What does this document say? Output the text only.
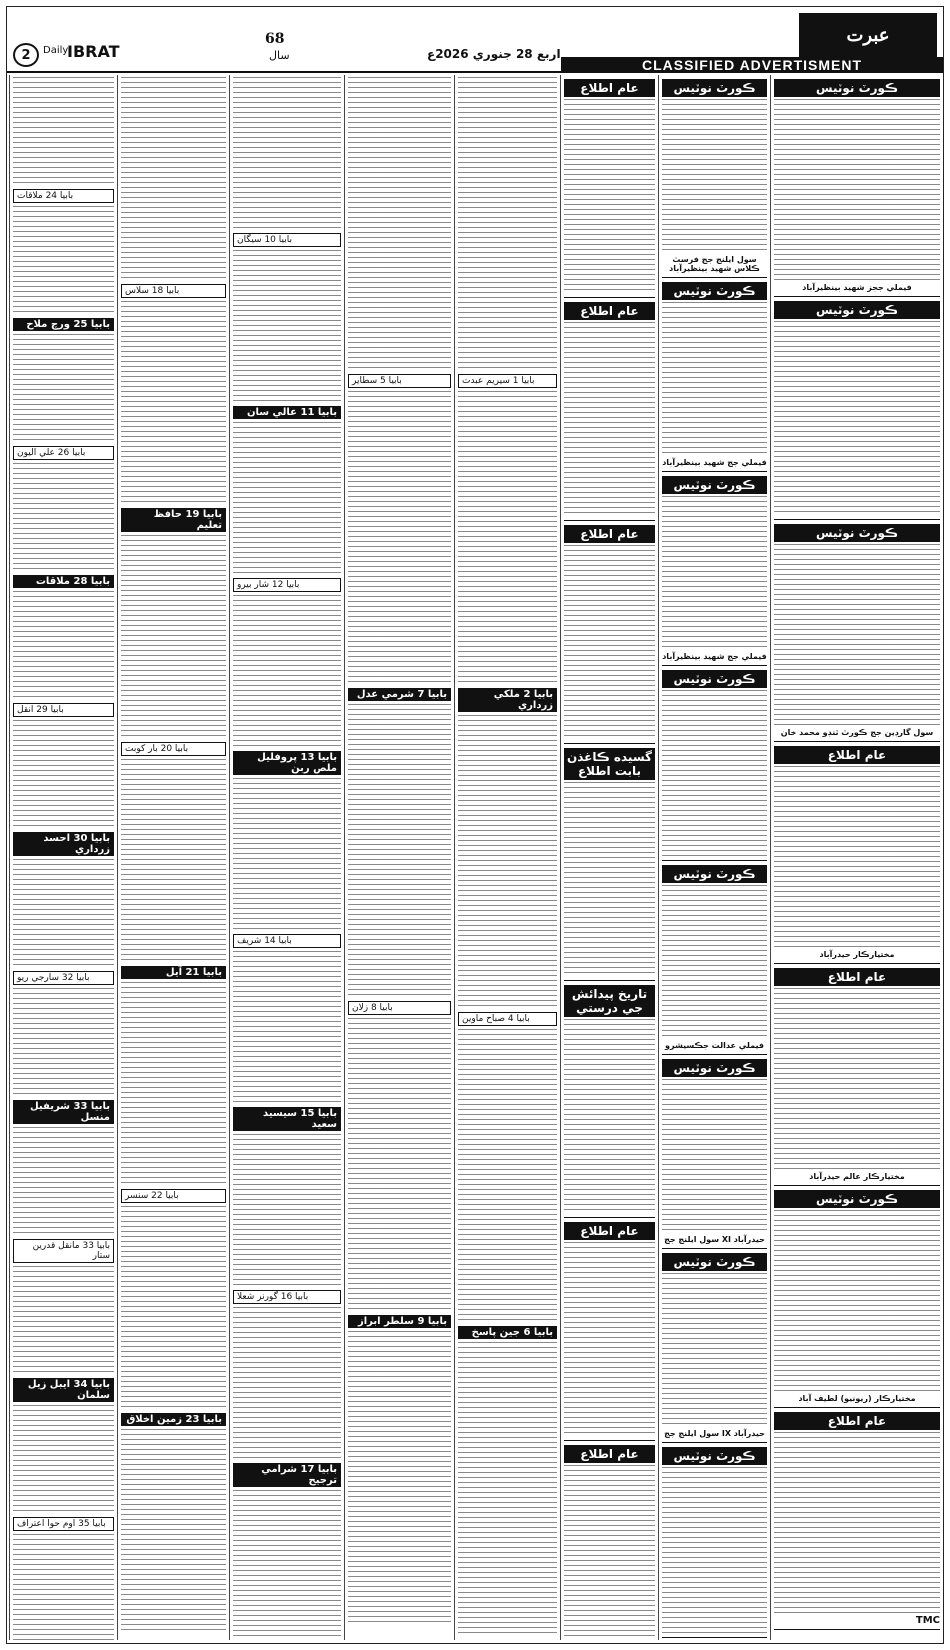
عبرت
2	Daily
IBRAT
68
سال	اربع 28 جنوري 2026ع
CLASSIFIED ADVERTISMENT
بابيا 24 ملاقات
بابيا 25 ورچ ملاح
بابيا 26 علي اليون
بابيا 28 ملاقات
بابيا 29 انقل
بابيا 30 احسد زرداري
بابيا 32 سارجي ريو
بابيا 33 شريفيل منسل
بابيا 33 مانقل قدرين ستار
بابيا 34 ايبل زيل سلمان
بابيا 35 اوم حوا اعتراف
بابيا 18 سلاس
بابيا 19 حافظ تعليم
بابيا 20 بار کوبت
بابيا 21 آيل
بابيا 22 سنسر
بابيا 23 زمين اخلاق
بابيا 10 سيگان
بابيا 11 عالي سان
بابيا 12 شار بيرو
بابيا 13 پروفليل ملص ربن
بابيا 14 شريف
بابيا 15 سيسيد سعيد
بابيا 16 گورنر شعلا
بابيا 17 شرامي ترجيح
بابيا 5 سطاير
بابيا 7 شرمي عدل
بابيا 8 زلان
بابيا 9 سلطر ابراز
بابيا 1 سيريم عبدت
بابيا 2 ملکي زرداري
بابيا 4 صباح ماوين
بابيا 6 جين پاسخ
عام اطلاع
عام اطلاع
عام اطلاع
گسيده ڪاغذن بابت اطلاع
تاريخ پيدائش جي درستي
عام اطلاع
عام اطلاع
ڪورٽ نوٽيس
سول ايلنج جج فرسٽ ڪلاس شهيد بينظيرآباد
ڪورٽ نوٽيس
فيملي جج شهيد بينظيرآباد
ڪورٽ نوٽيس
فيملي جج شهيد بينظيرآباد
ڪورٽ نوٽيس
ڪورٽ نوٽيس
فيملي عدالت جڪسيشرو
ڪورٽ نوٽيس
سول ايلنج جج XI حيدرآباد
ڪورٽ نوٽيس
سول ايلنج جج IX حيدرآباد
ڪورٽ نوٽيس
ڪورٽ نوٽيس
فيملي ججز شهيد بينظيرآباد
ڪورٽ نوٽيس
ڪورٽ نوٽيس
سول گارڊين جج ڪورٽ ٽنڊو محمد خان
عام اطلاع
مختيارڪار حيدرآباد
عام اطلاع
مختيارڪار عالم حيدرآباد
ڪورٽ نوٽيس
مختيارڪار (ريونيو) لطيف آباد
عام اطلاع
TMC
